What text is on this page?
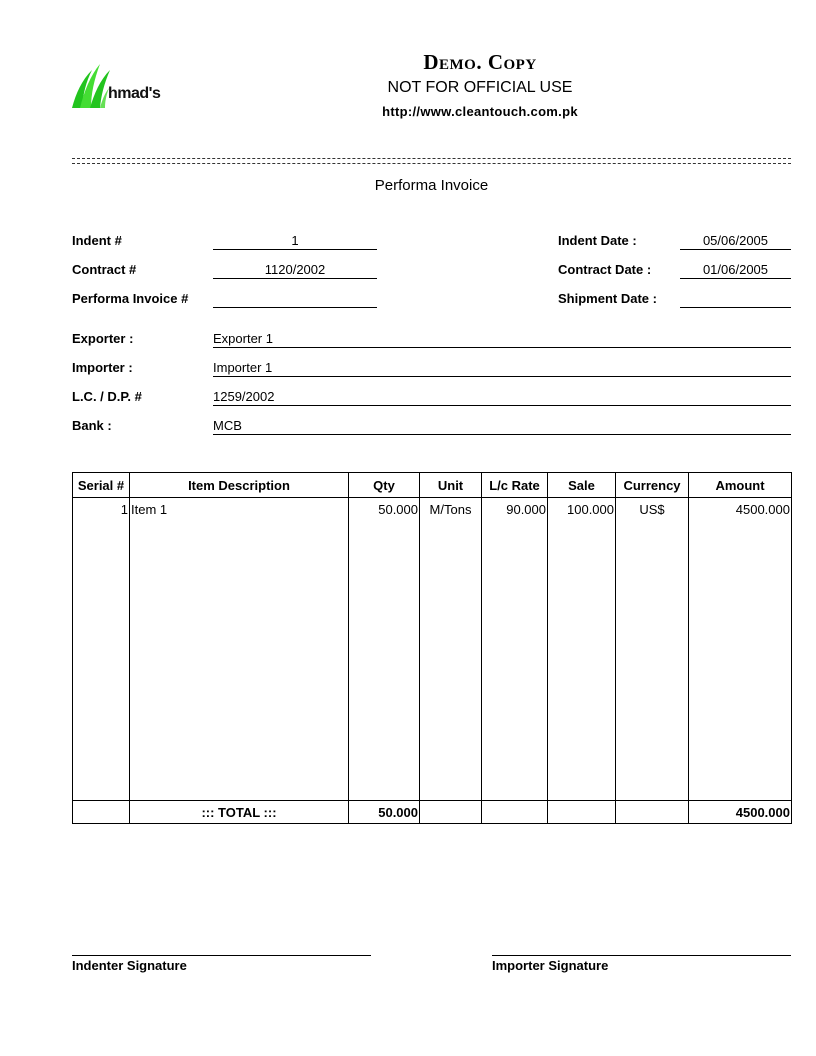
hmad's
Demo. Copy
NOT FOR OFFICIAL USE
http://www.cleantouch.com.pk
Performa Invoice
Indent #	1
Contract #	1120/2002
Performa Invoice #
Indent Date :	05/06/2005
Contract Date :	01/06/2005
Shipment Date :
Exporter :	Exporter 1
Importer :	Importer 1
L.C. / D.P. #	1259/2002
Bank :	MCB
Serial #	Item Description	Qty	Unit	L/c Rate	Sale	Currency	Amount
1	Item 1	50.000	M/Tons	90.000	100.000	US$	4500.000

	::: TOTAL :::	50.000					4500.000
Indenter Signature	Importer Signature
